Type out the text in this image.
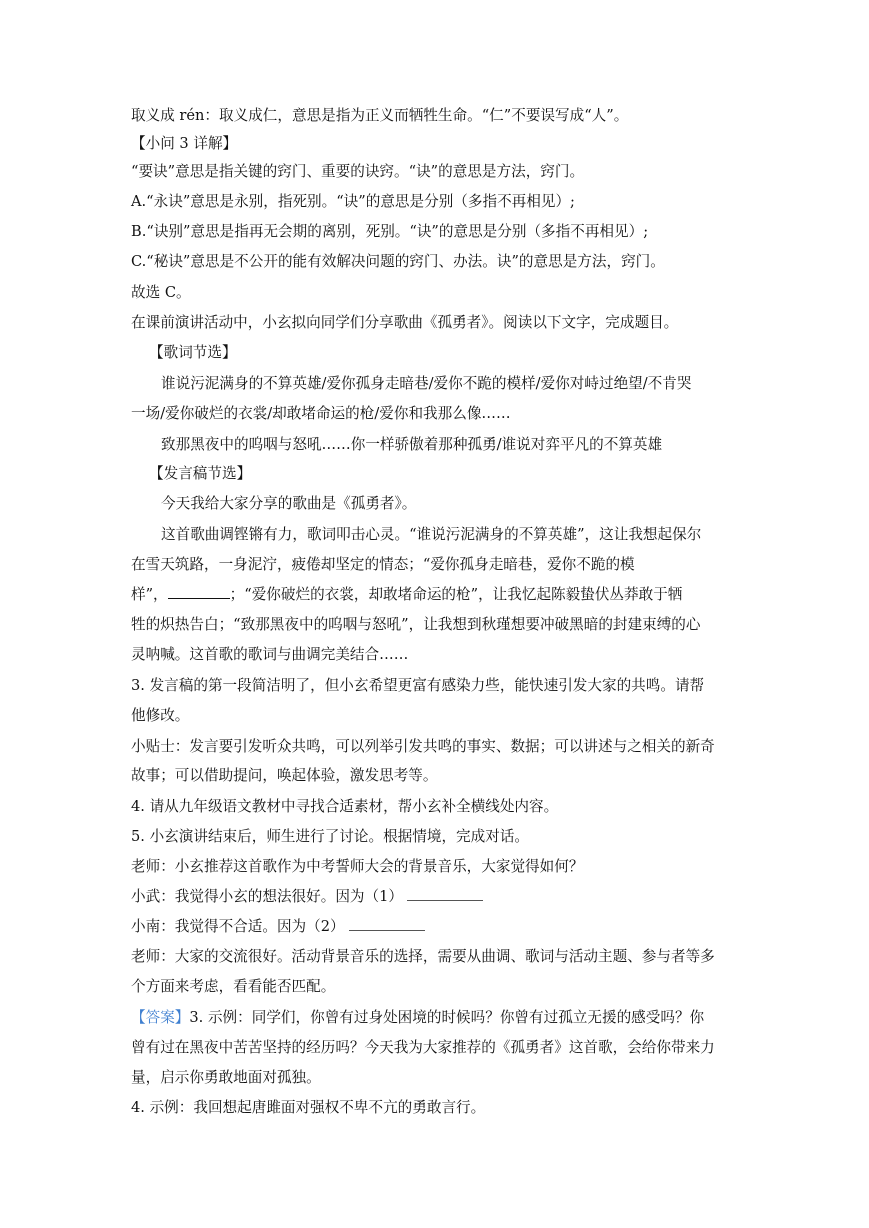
取义成 rén：取义成仁，意思是指为正义而牺牲生命。“仁”不要误写成“人”。
【小问 3 详解】
“要诀”意思是指关键的窍门、重要的诀窍。“诀”的意思是方法，窍门。
A.“永诀”意思是永别，指死别。“诀”的意思是分别（多指不再相见）;
B.“诀别”意思是指再无会期的离别，死别。“诀”的意思是分别（多指不再相见）;
C.“秘诀”意思是不公开的能有效解决问题的窍门、办法。诀”的意思是方法，窍门。
故选 C。
在课前演讲活动中，小玄拟向同学们分享歌曲《孤勇者》。阅读以下文字，完成题目。
【歌词节选】
谁说污泥满身的不算英雄/爱你孤身走暗巷/爱你不跪的模样/爱你对峙过绝望/不肯哭
一场/爱你破烂的衣裳/却敢堵命运的枪/爱你和我那么像……
致那黑夜中的呜咽与怒吼……你一样骄傲着那种孤勇/谁说对弈平凡的不算英雄
【发言稿节选】
今天我给大家分享的歌曲是《孤勇者》。
这首歌曲调铿锵有力，歌词叩击心灵。“谁说污泥满身的不算英雄”，这让我想起保尔
在雪天筑路，一身泥泞，疲倦却坚定的情态；“爱你孤身走暗巷，爱你不跪的模
样”，	；“爱你破烂的衣裳，却敢堵命运的枪”，让我忆起陈毅蛰伏丛莽敢于牺
牲的炽热告白；“致那黑夜中的呜咽与怒吼”，让我想到秋瑾想要冲破黑暗的封建束缚的心
灵呐喊。这首歌的歌词与曲调完美结合……
3. 发言稿的第一段简洁明了，但小玄希望更富有感染力些，能快速引发大家的共鸣。请帮
他修改。
小贴士：发言要引发听众共鸣，可以列举引发共鸣的事实、数据；可以讲述与之相关的新奇
故事；可以借助提问，唤起体验，激发思考等。
4. 请从九年级语文教材中寻找合适素材，帮小玄补全横线处内容。
5. 小玄演讲结束后，师生进行了讨论。根据情境，完成对话。
老师：小玄推荐这首歌作为中考誓师大会的背景音乐，大家觉得如何？
小武：我觉得小玄的想法很好。因为（1）
小南：我觉得不合适。因为（2）
老师：大家的交流很好。活动背景音乐的选择，需要从曲调、歌词与活动主题、参与者等多
个方面来考虑，看看能否匹配。
【答案】3. 示例：同学们，你曾有过身处困境的时候吗？你曾有过孤立无援的感受吗？你
曾有过在黑夜中苦苦坚持的经历吗？今天我为大家推荐的《孤勇者》这首歌，会给你带来力
量，启示你勇敢地面对孤独。
4. 示例：我回想起唐雎面对强权不卑不亢的勇敢言行。
